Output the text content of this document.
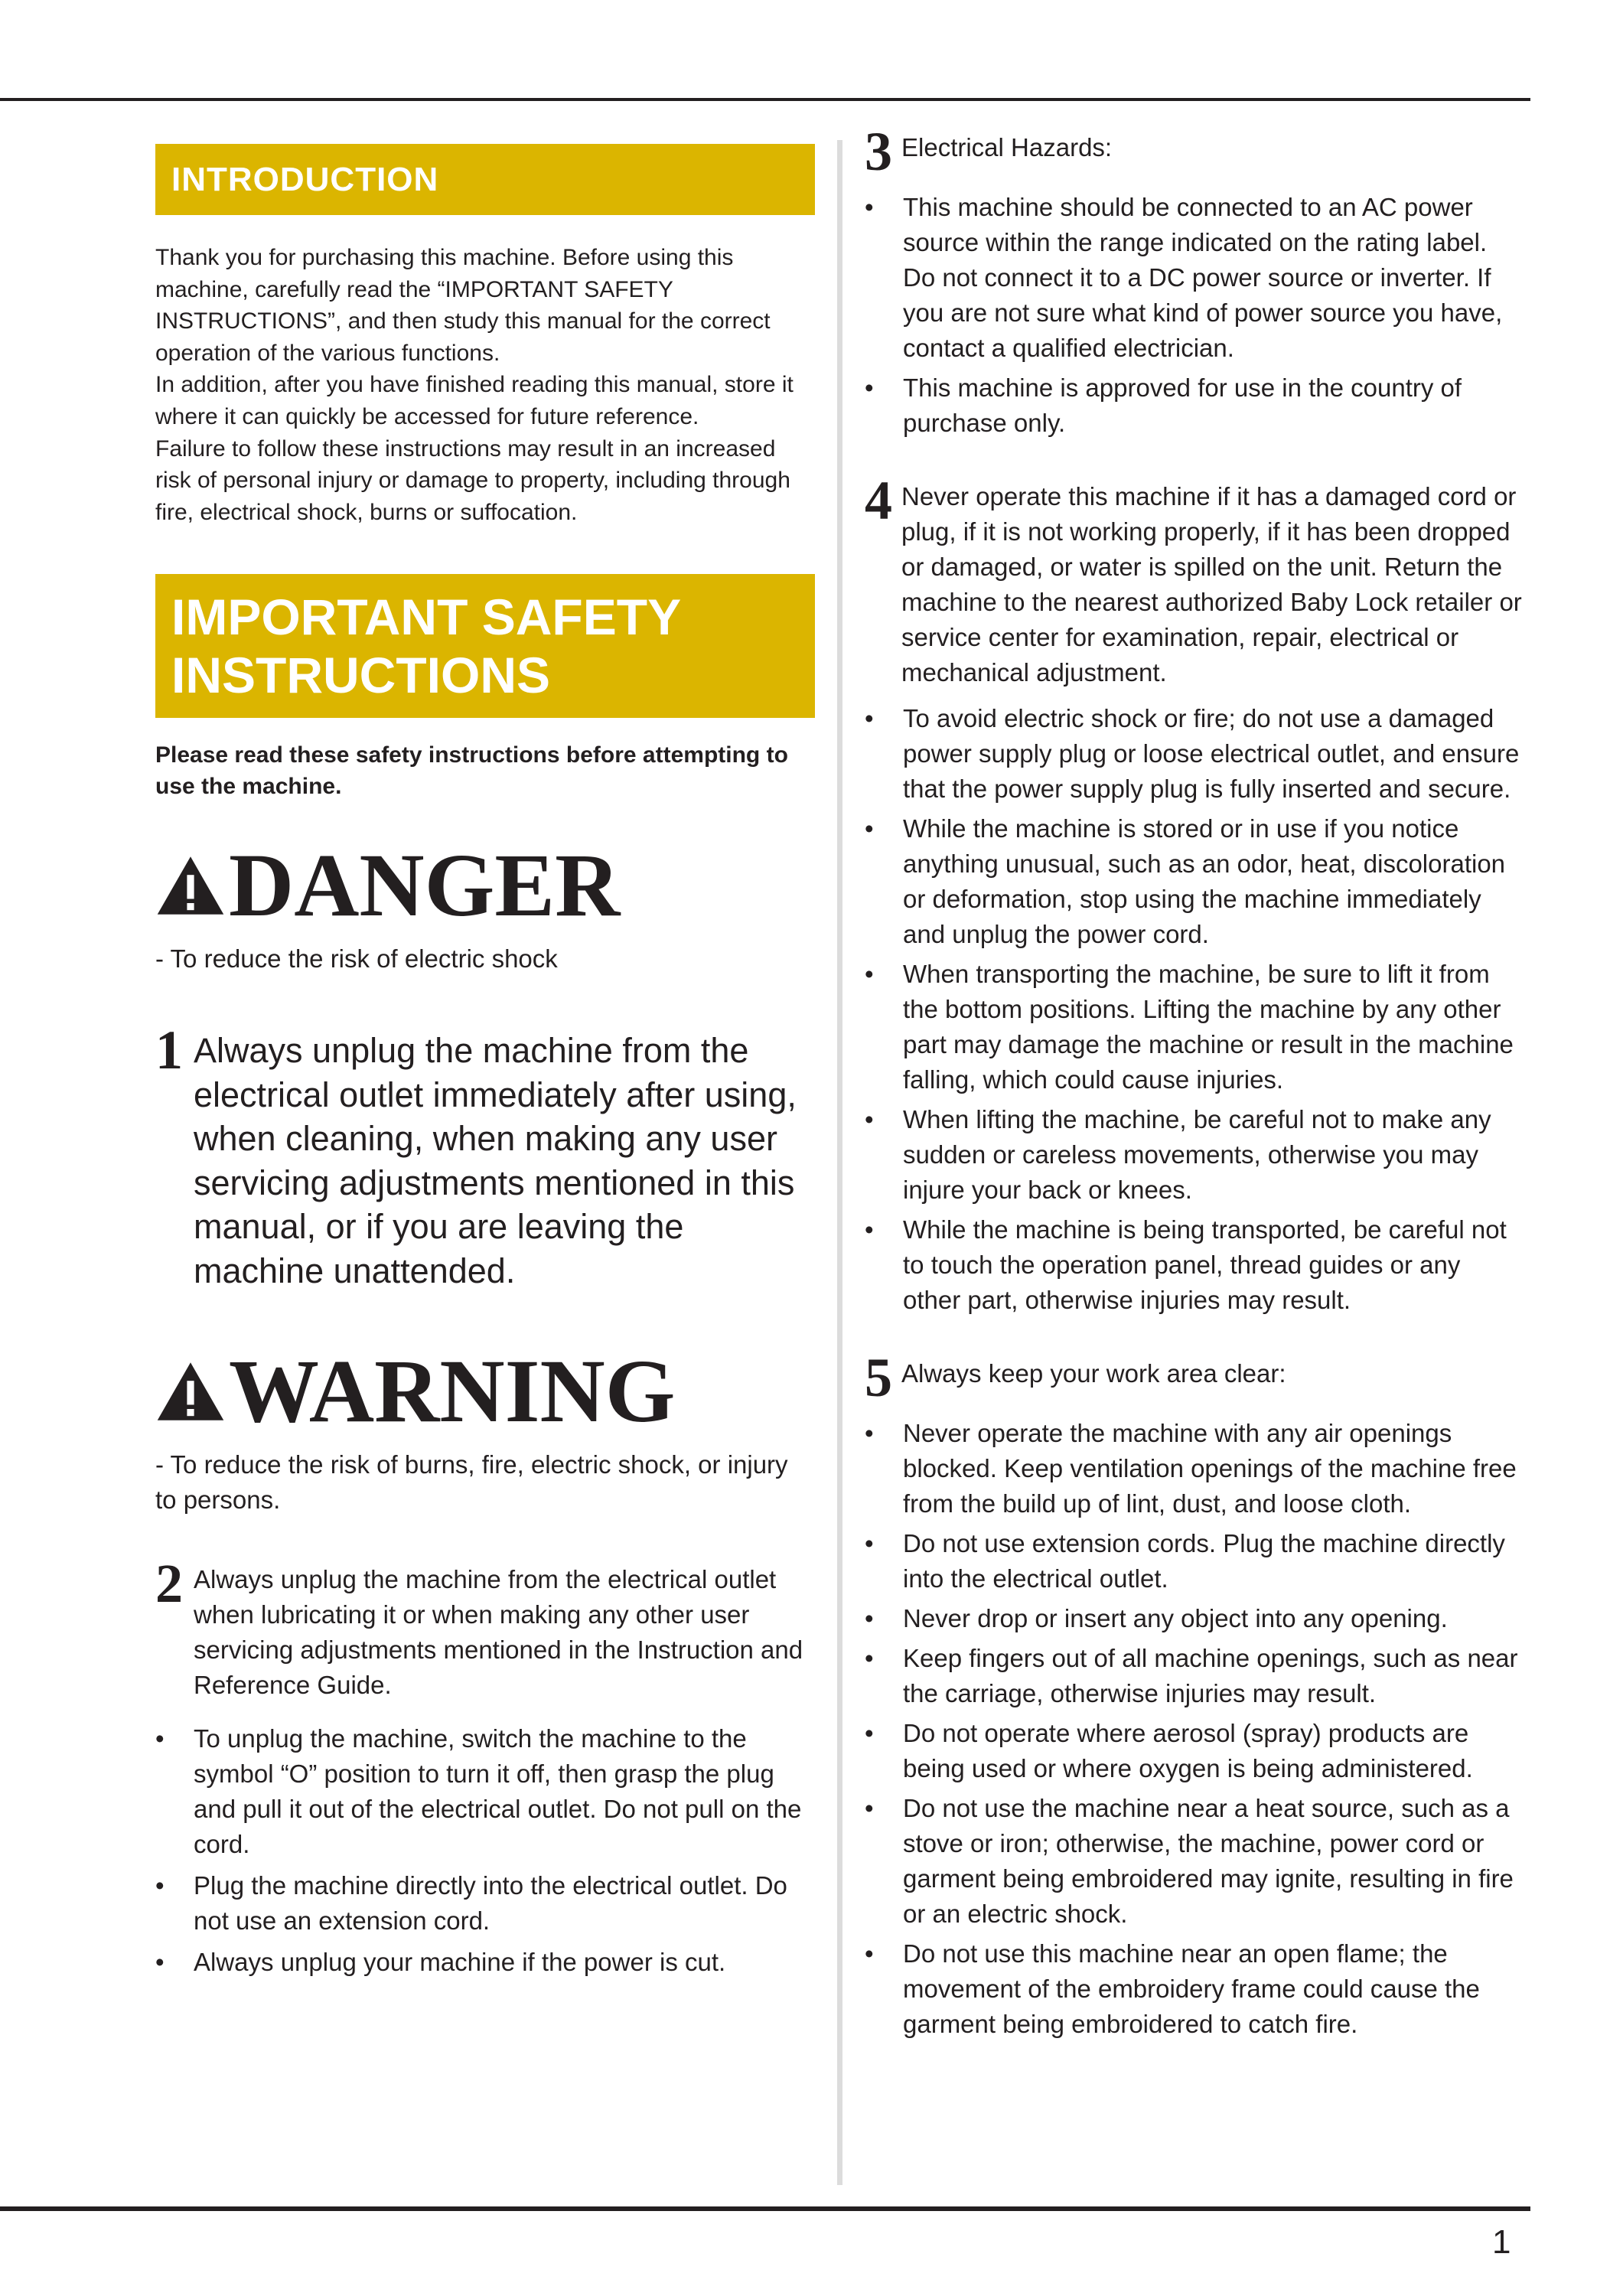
INTRODUCTION

Thank you for purchasing this machine. Before using this machine, carefully read the “IMPORTANT SAFETY INSTRUCTIONS”, and then study this manual for the correct operation of the various functions.

In addition, after you have finished reading this manual, store it where it can quickly be accessed for future reference.

Failure to follow these instructions may result in an increased risk of personal injury or damage to property, including through fire, electrical shock, burns or suffocation.

IMPORTANT SAFETY
INSTRUCTIONS
Please read these safety instructions before attempting to use the machine.
DANGER
- To reduce the risk of electric shock
1 Always unplug the machine from the electrical outlet immediately after using, when cleaning, when making any user servicing adjustments mentioned in this manual, or if you are leaving the machine unattended.
WARNING
- To reduce the risk of burns, fire, electric shock, or injury to persons.
2 Always unplug the machine from the electrical outlet when lubricating it or when making any other user servicing adjustments mentioned in the Instruction and Reference Guide.
• To unplug the machine, switch the machine to the symbol “O” position to turn it off, then grasp the plug and pull it out of the electrical outlet. Do not pull on the cord.
• Plug the machine directly into the electrical outlet. Do not use an extension cord.
• Always unplug your machine if the power is cut.
3 Electrical Hazards:
• This machine should be connected to an AC power source within the range indicated on the rating label. Do not connect it to a DC power source or inverter. If you are not sure what kind of power source you have, contact a qualified electrician.
• This machine is approved for use in the country of purchase only.
4 Never operate this machine if it has a damaged cord or plug, if it is not working properly, if it has been dropped or damaged, or water is spilled on the unit. Return the machine to the nearest authorized Baby Lock retailer or service center for examination, repair, electrical or mechanical adjustment.
• To avoid electric shock or fire; do not use a damaged power supply plug or loose electrical outlet, and ensure that the power supply plug is fully inserted and secure.
• While the machine is stored or in use if you notice anything unusual, such as an odor, heat, discoloration or deformation, stop using the machine immediately and unplug the power cord.
• When transporting the machine, be sure to lift it from the bottom positions. Lifting the machine by any other part may damage the machine or result in the machine falling, which could cause injuries.
• When lifting the machine, be careful not to make any sudden or careless movements, otherwise you may injure your back or knees.
• While the machine is being transported, be careful not to touch the operation panel, thread guides or any other part, otherwise injuries may result.
5 Always keep your work area clear:
• Never operate the machine with any air openings blocked. Keep ventilation openings of the machine free from the build up of lint, dust, and loose cloth.
• Do not use extension cords. Plug the machine directly into the electrical outlet.
• Never drop or insert any object into any opening.
• Keep fingers out of all machine openings, such as near the carriage, otherwise injuries may result.
• Do not operate where aerosol (spray) products are being used or where oxygen is being administered.
• Do not use the machine near a heat source, such as a stove or iron; otherwise, the machine, power cord or garment being embroidered may ignite, resulting in fire or an electric shock.
• Do not use this machine near an open flame; the movement of the embroidery frame could cause the garment being embroidered to catch fire.
1
